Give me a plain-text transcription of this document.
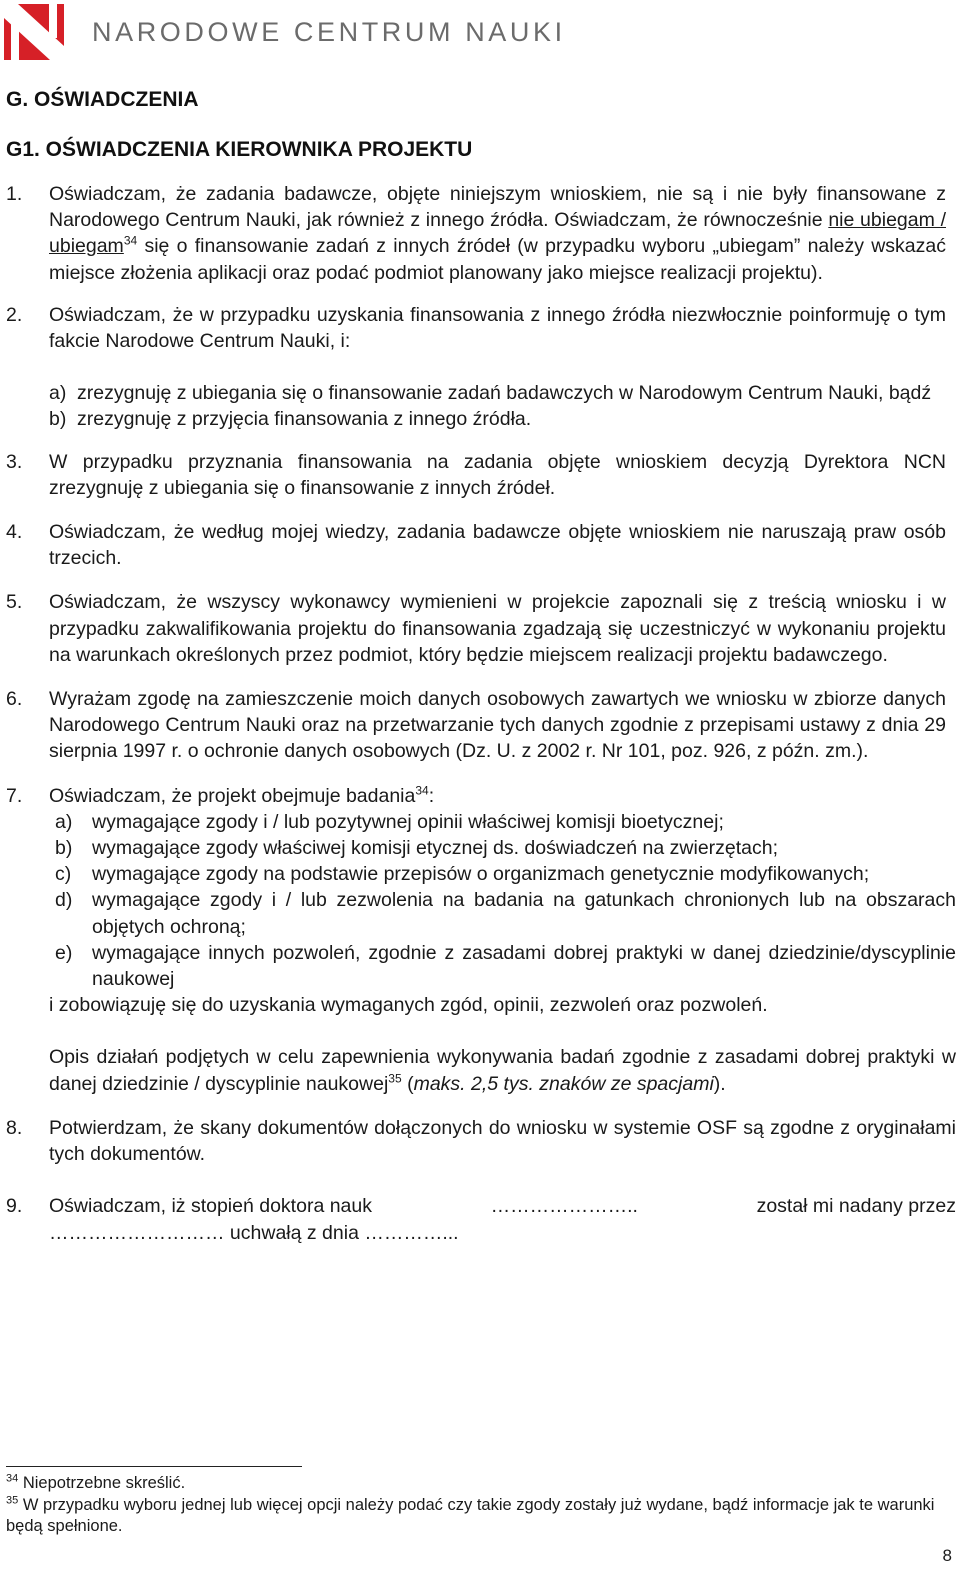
NARODOWE CENTRUM NAUKI
G. OŚWIADCZENIA
G1. OŚWIADCZENIA KIEROWNIKA PROJEKTU
1. Oświadczam, że zadania badawcze, objęte niniejszym wnioskiem, nie są i nie były finansowane z Narodowego Centrum Nauki, jak również z innego źródła. Oświadczam, że równocześnie nie ubiegam / ubiegam$^{34}$ się o finansowanie zadań z innych źródeł (w przypadku wyboru „ubiegam” należy wskazać miejsce złożenia aplikacji oraz podać podmiot planowany jako miejsce realizacji projektu).
2. Oświadczam, że w przypadku uzyskania finansowania z innego źródła niezwłocznie poinformuję o tym fakcie Narodowe Centrum Nauki, i:
a) zrezygnuję z ubiegania się o finansowanie zadań badawczych w Narodowym Centrum Nauki, bądź
b) zrezygnuję z przyjęcia finansowania z innego źródła.
3. W przypadku przyznania finansowania na zadania objęte wnioskiem decyzją Dyrektora NCN zrezygnuję z ubiegania się o finansowanie z innych źródeł.
4. Oświadczam, że według mojej wiedzy, zadania badawcze objęte wnioskiem nie naruszają praw osób trzecich.
5. Oświadczam, że wszyscy wykonawcy wymienieni w projekcie zapoznali się z treścią wniosku i w przypadku zakwalifikowania projektu do finansowania zgadzają się uczestniczyć w wykonaniu projektu na warunkach określonych przez podmiot, który będzie miejscem realizacji projektu badawczego.
6. Wyrażam zgodę na zamieszczenie moich danych osobowych zawartych we wniosku w zbiorze danych Narodowego Centrum Nauki oraz na przetwarzanie tych danych zgodnie z przepisami ustawy z dnia 29 sierpnia 1997 r. o ochronie danych osobowych (Dz. U. z 2002 r. Nr 101, poz. 926, z późn. zm.).
7. Oświadczam, że projekt obejmuje badania$^{34}$:
a) wymagające zgody i / lub pozytywnej opinii właściwej komisji bioetycznej;
b) wymagające zgody właściwej komisji etycznej ds. doświadczeń na zwierzętach;
c) wymagające zgody na podstawie przepisów o organizmach genetycznie modyfikowanych;
d) wymagające zgody i / lub zezwolenia na badania na gatunkach chronionych lub na obszarach objętych ochroną;
e) wymagające innych pozwoleń, zgodnie z zasadami dobrej praktyki w danej dziedzinie/dyscyplinie naukowej
i zobowiązuję się do uzyskania wymaganych zgód, opinii, zezwoleń oraz pozwoleń.
Opis działań podjętych w celu zapewnienia wykonywania badań zgodnie z zasadami dobrej praktyki w danej dziedzinie / dyscyplinie naukowej$^{35}$ (maks. 2,5 tys. znaków ze spacjami).
8. Potwierdzam, że skany dokumentów dołączonych do wniosku w systemie OSF są zgodne z oryginałami tych dokumentów.
9. Oświadczam, iż stopień doktora nauk	…………………..	został mi nadany przez
……………………… uchwałą z dnia …………...
$^{34}$ Niepotrzebne skreślić.
$^{35}$ W przypadku wyboru jednej lub więcej opcji należy podać czy takie zgody zostały już wydane, bądź informacje jak te warunki będą spełnione.
8
